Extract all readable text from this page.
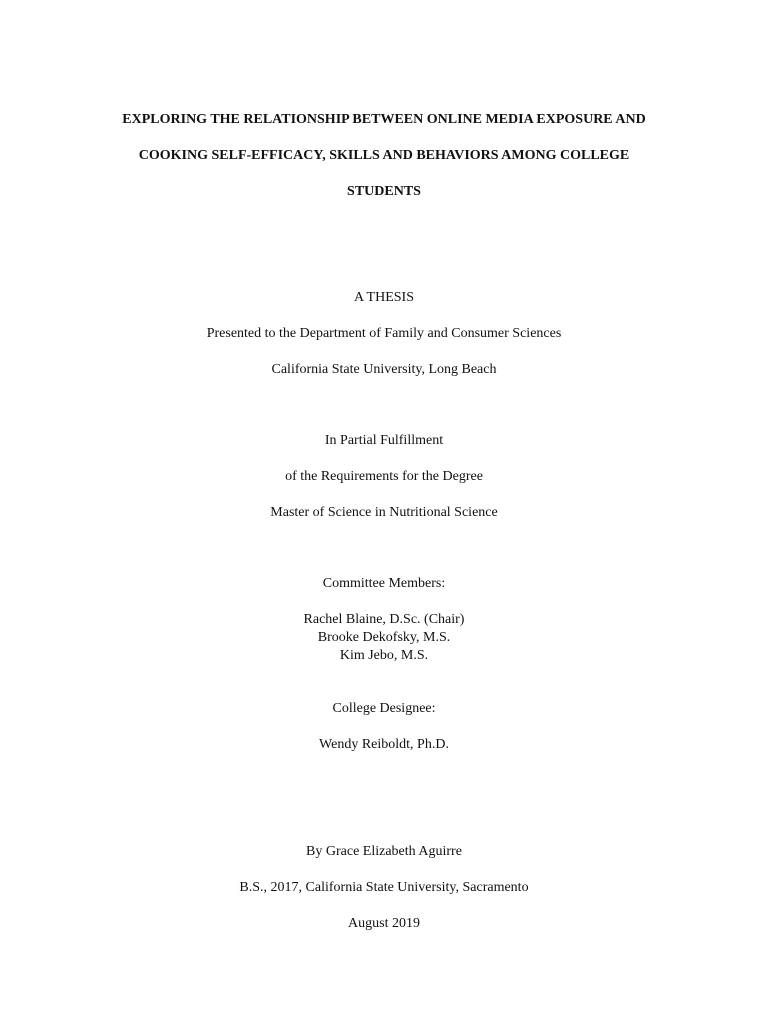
EXPLORING THE RELATIONSHIP BETWEEN ONLINE MEDIA EXPOSURE AND
COOKING SELF-EFFICACY, SKILLS AND BEHAVIORS AMONG COLLEGE
STUDENTS
A THESIS
Presented to the Department of Family and Consumer Sciences
California State University, Long Beach
In Partial Fulfillment
of the Requirements for the Degree
Master of Science in Nutritional Science
Committee Members:
Rachel Blaine, D.Sc. (Chair)
Brooke Dekofsky, M.S.
Kim Jebo, M.S.
College Designee:
Wendy Reiboldt, Ph.D.
By Grace Elizabeth Aguirre
B.S., 2017, California State University, Sacramento
August 2019
